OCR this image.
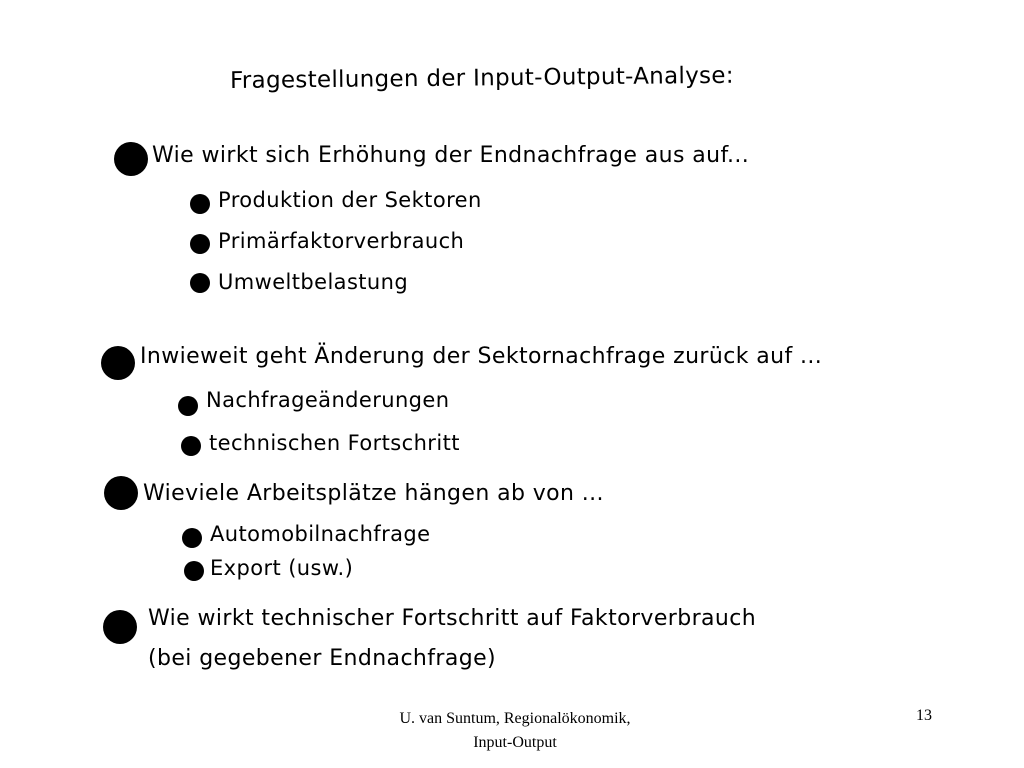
Fragestellungen der Input-Output-Analyse:
Wie wirkt sich Erhöhung der Endnachfrage aus auf...
Produktion der Sektoren
Primärfaktorverbrauch
Umweltbelastung
Inwieweit geht Änderung der Sektornachfrage zurück auf ...
Nachfrageänderungen
technischen Fortschritt
Wieviele Arbeitsplätze hängen ab von ...
Automobilnachfrage
Export (usw.)
Wie wirkt technischer Fortschritt auf Faktorverbrauch
(bei gegebener Endnachfrage)
U. van Suntum, Regionalökonomik,
Input-Output
13
